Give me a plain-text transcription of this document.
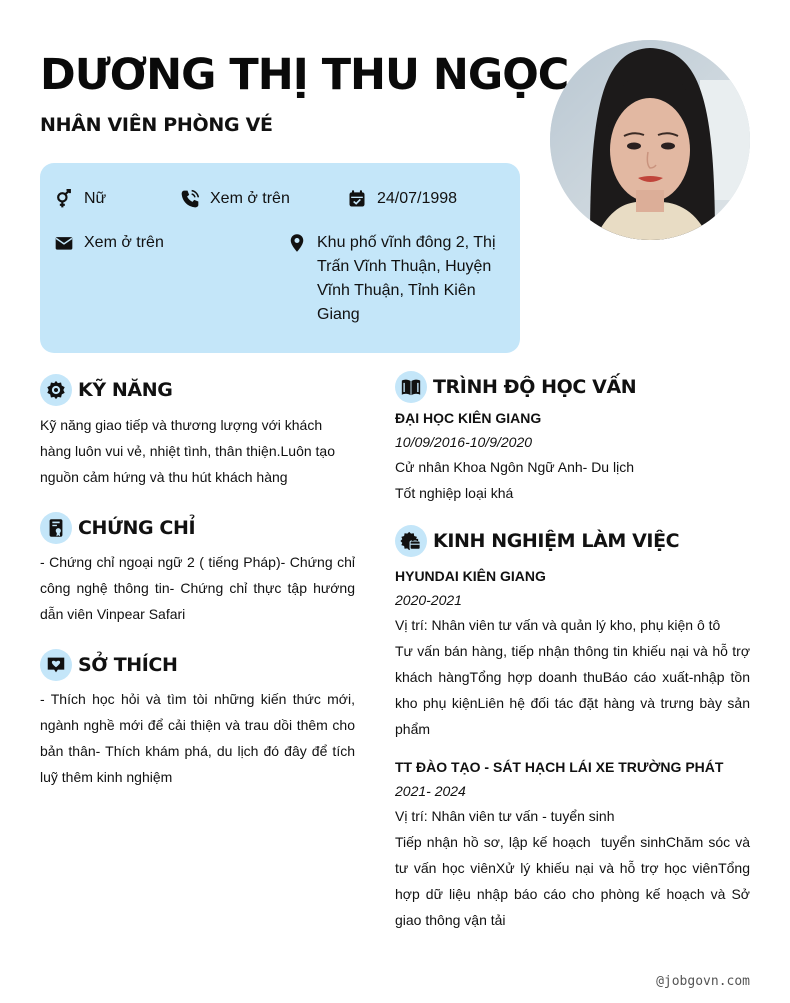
DƯƠNG THỊ THU NGỌC
NHÂN VIÊN PHÒNG VÉ
Nữ	Xem ở trên	24/07/1998
Xem ở trên	Khu phố vĩnh đông 2, Thị Trấn Vĩnh Thuận, Huyện Vĩnh Thuận, Tỉnh Kiên Giang
KỸ NĂNG
Kỹ năng giao tiếp và thương lượng với khách hàng luôn vui vẻ, nhiệt tình, thân thiện.Luôn tạo nguồn cảm hứng và thu hút khách hàng
CHỨNG CHỈ
- Chứng chỉ ngoại ngữ 2 ( tiếng Pháp)- Chứng chỉ công nghệ thông tin- Chứng chỉ thực tập hướng dẫn viên Vinpear Safari
SỞ THÍCH
- Thích học hỏi và tìm tòi những kiến thức mới, ngành nghề mới để cải thiện và trau dồi thêm cho bản thân- Thích khám phá, du lịch đó đây để tích luỹ thêm kinh nghiệm
TRÌNH ĐỘ HỌC VẤN
ĐẠI HỌC KIÊN GIANG
10/09/2016-10/9/2020
Cử nhân Khoa Ngôn Ngữ Anh- Du lịch
Tốt nghiệp loại khá
KINH NGHIỆM LÀM VIỆC
HYUNDAI KIÊN GIANG
2020-2021
Vị trí: Nhân viên tư vấn và quản lý kho, phụ kiện ô tô
Tư vấn bán hàng, tiếp nhận thông tin khiếu nại và hỗ trợ khách hàngTổng hợp doanh thuBáo cáo xuất-nhập tồn kho phụ kiệnLiên hệ đối tác đặt hàng và trưng bày sản phẩm
TT ĐÀO TẠO - SÁT HẠCH LÁI XE TRƯỜNG PHÁT
2021- 2024
Vị trí: Nhân viên tư vấn - tuyển sinh
Tiếp nhận hồ sơ, lập kế hoạch  tuyển sinhChăm sóc và tư vấn học viênXử lý khiếu nại và hỗ trợ học viênTổng hợp dữ liệu nhập báo cáo cho phòng kế hoạch và Sở giao thông vận tải
@jobgovn.com
